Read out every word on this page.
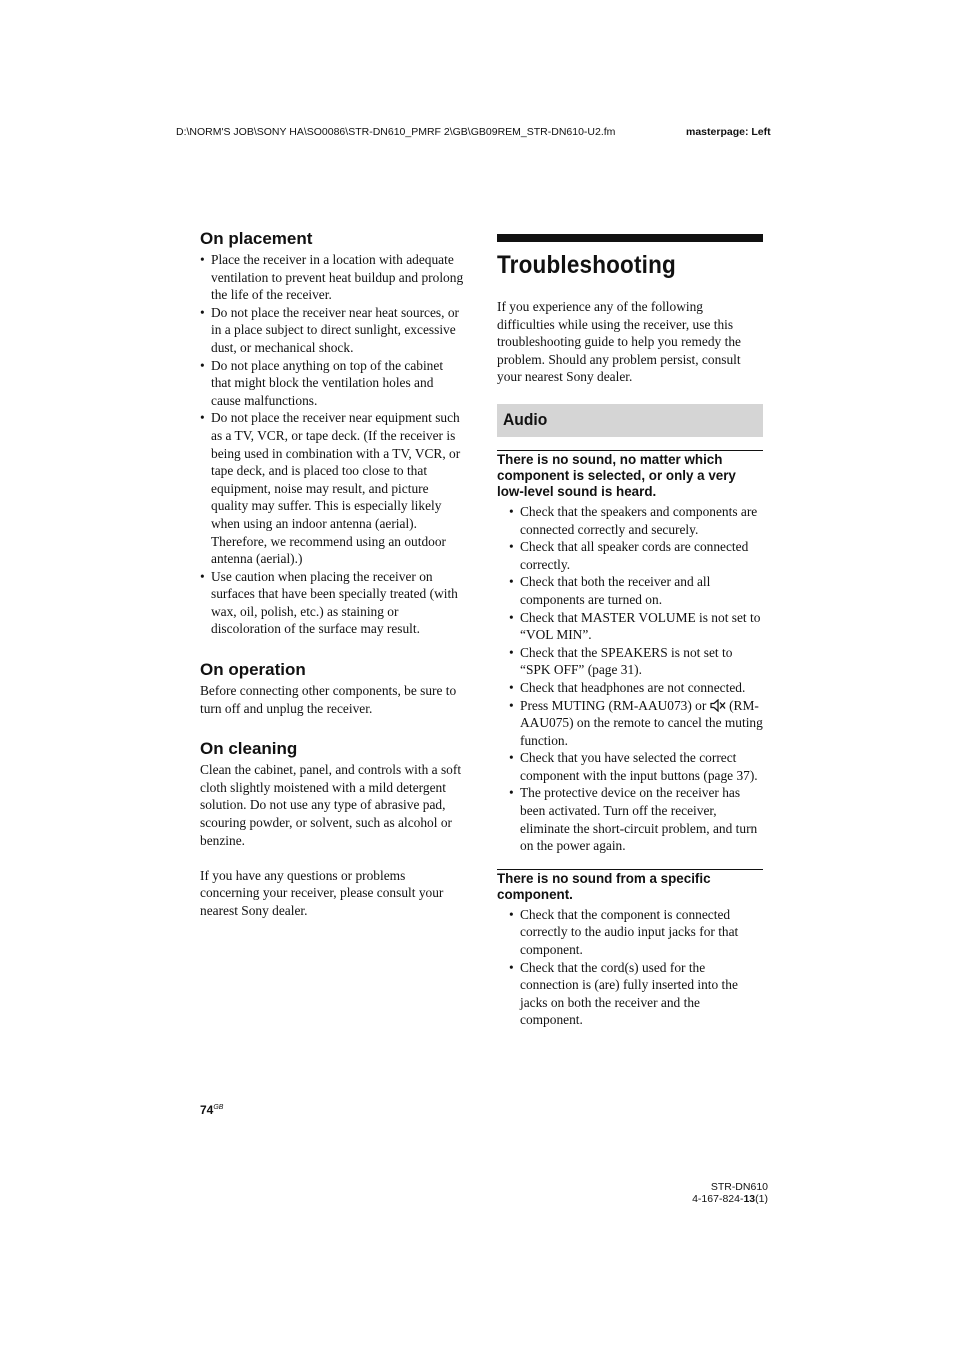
D:\NORM'S JOB\SONY HA\SO0086\STR-DN610_PMRF 2\GB\GB09REM_STR-DN610-U2.fm	masterpage: Left
On placement
• Place the receiver in a location with adequate ventilation to prevent heat buildup and prolong the life of the receiver.
• Do not place the receiver near heat sources, or in a place subject to direct sunlight, excessive dust, or mechanical shock.
• Do not place anything on top of the cabinet that might block the ventilation holes and cause malfunctions.
• Do not place the receiver near equipment such as a TV, VCR, or tape deck. (If the receiver is being used in combination with a TV, VCR, or tape deck, and is placed too close to that equipment, noise may result, and picture quality may suffer. This is especially likely when using an indoor antenna (aerial). Therefore, we recommend using an outdoor antenna (aerial).)
• Use caution when placing the receiver on surfaces that have been specially treated (with wax, oil, polish, etc.) as staining or discoloration of the surface may result.
On operation

Before connecting other components, be sure to turn off and unplug the receiver.

On cleaning

Clean the cabinet, panel, and controls with a soft cloth slightly moistened with a mild detergent solution. Do not use any type of abrasive pad, scouring powder, or solvent, such as alcohol or benzine.

If you have any questions or problems concerning your receiver, please consult your nearest Sony dealer.

Troubleshooting

If you experience any of the following difficulties while using the receiver, use this troubleshooting guide to help you remedy the problem. Should any problem persist, consult your nearest Sony dealer.

Audio

There is no sound, no matter which component is selected, or only a very low-level sound is heard.

• Check that the speakers and components are connected correctly and securely.
• Check that all speaker cords are connected correctly.
• Check that both the receiver and all components are turned on.
• Check that MASTER VOLUME is not set to “VOL MIN”.
• Check that the SPEAKERS is not set to “SPK OFF” (page 31).
• Check that headphones are not connected.
• Press MUTING (RM-AAU073) or (RM-AAU075) on the remote to cancel the muting function.
• Check that you have selected the correct component with the input buttons (page 37).
• The protective device on the receiver has been activated. Turn off the receiver, eliminate the short-circuit problem, and turn on the power again.

There is no sound from a specific component.

• Check that the component is connected correctly to the audio input jacks for that component.
• Check that the cord(s) used for the connection is (are) fully inserted into the jacks on both the receiver and the component.
$74^{GB}$
STR-DN610
4-167-824-13(1)
